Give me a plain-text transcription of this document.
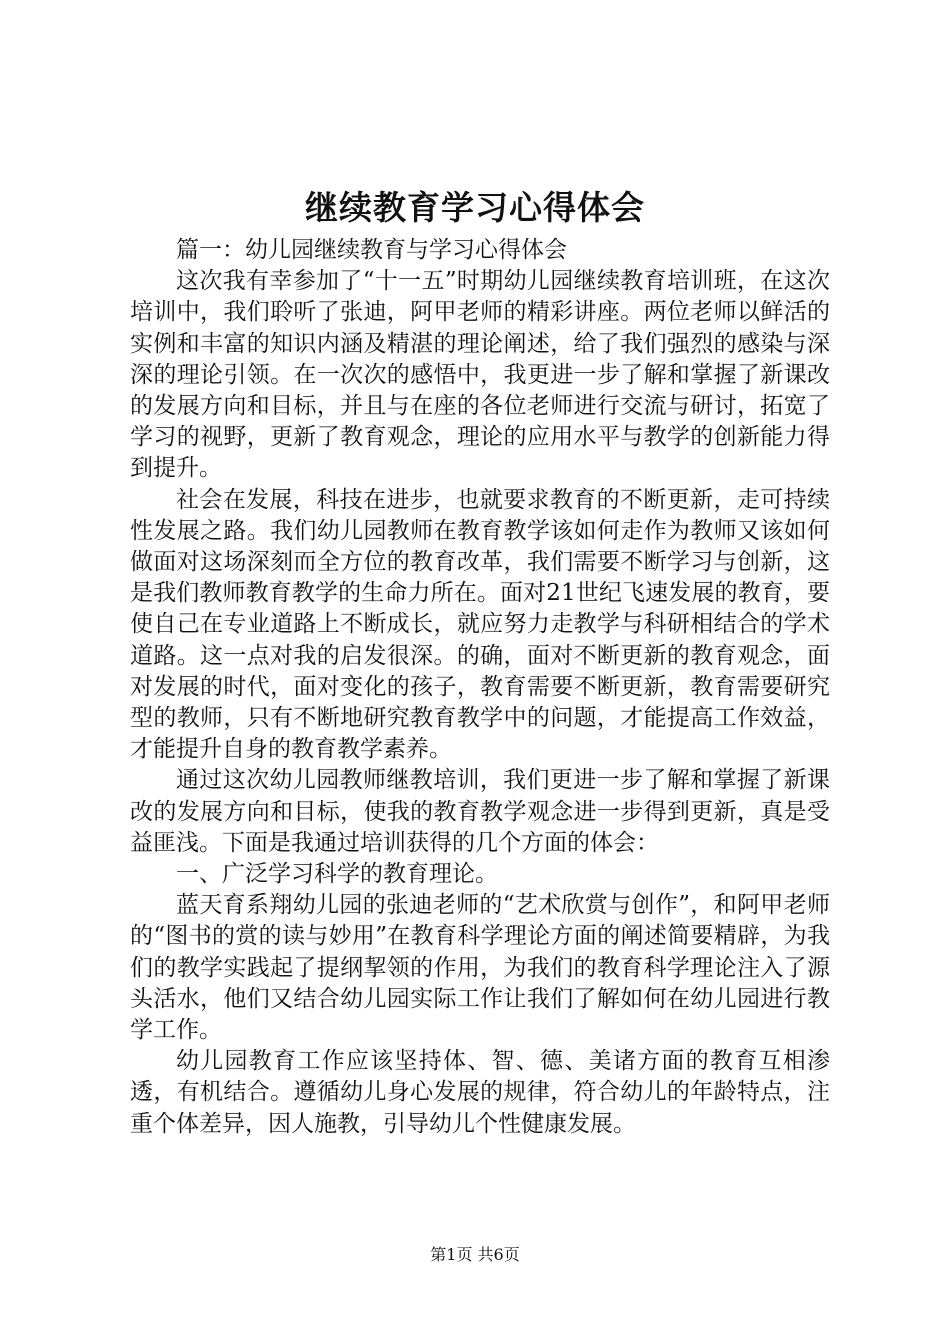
继续教育学习心得体会

篇一：幼儿园继续教育与学习心得体会

这次我有幸参加了“十一五”时期幼儿园继续教育培训班，在这次培训中，我们聆听了张迪，阿甲老师的精彩讲座。两位老师以鲜活的实例和丰富的知识内涵及精湛的理论阐述，给了我们强烈的感染与深深的理论引领。在一次次的感悟中，我更进一步了解和掌握了新课改的发展方向和目标，并且与在座的各位老师进行交流与研讨，拓宽了学习的视野，更新了教育观念，理论的应用水平与教学的创新能力得到提升。

社会在发展，科技在进步，也就要求教育的不断更新，走可持续性发展之路。我们幼儿园教师在教育教学该如何走作为教师又该如何做面对这场深刻而全方位的教育改革，我们需要不断学习与创新，这是我们教师教育教学的生命力所在。面对21世纪飞速发展的教育，要使自己在专业道路上不断成长，就应努力走教学与科研相结合的学术道路。这一点对我的启发很深。的确，面对不断更新的教育观念，面对发展的时代，面对变化的孩子，教育需要不断更新，教育需要研究型的教师，只有不断地研究教育教学中的问题，才能提高工作效益，才能提升自身的教育教学素养。

通过这次幼儿园教师继教培训，我们更进一步了解和掌握了新课改的发展方向和目标，使我的教育教学观念进一步得到更新，真是受益匪浅。下面是我通过培训获得的几个方面的体会：

一、广泛学习科学的教育理论。

蓝天育系翔幼儿园的张迪老师的“艺术欣赏与创作”，和阿甲老师的“图书的赏的读与妙用”在教育科学理论方面的阐述简要精辟，为我们的教学实践起了提纲挈领的作用，为我们的教育科学理论注入了源头活水，他们又结合幼儿园实际工作让我们了解如何在幼儿园进行教学工作。

幼儿园教育工作应该坚持体、智、德、美诸方面的教育互相渗透，有机结合。遵循幼儿身心发展的规律，符合幼儿的年龄特点，注重个体差异，因人施教，引导幼儿个性健康发展。

第1页 共6页
